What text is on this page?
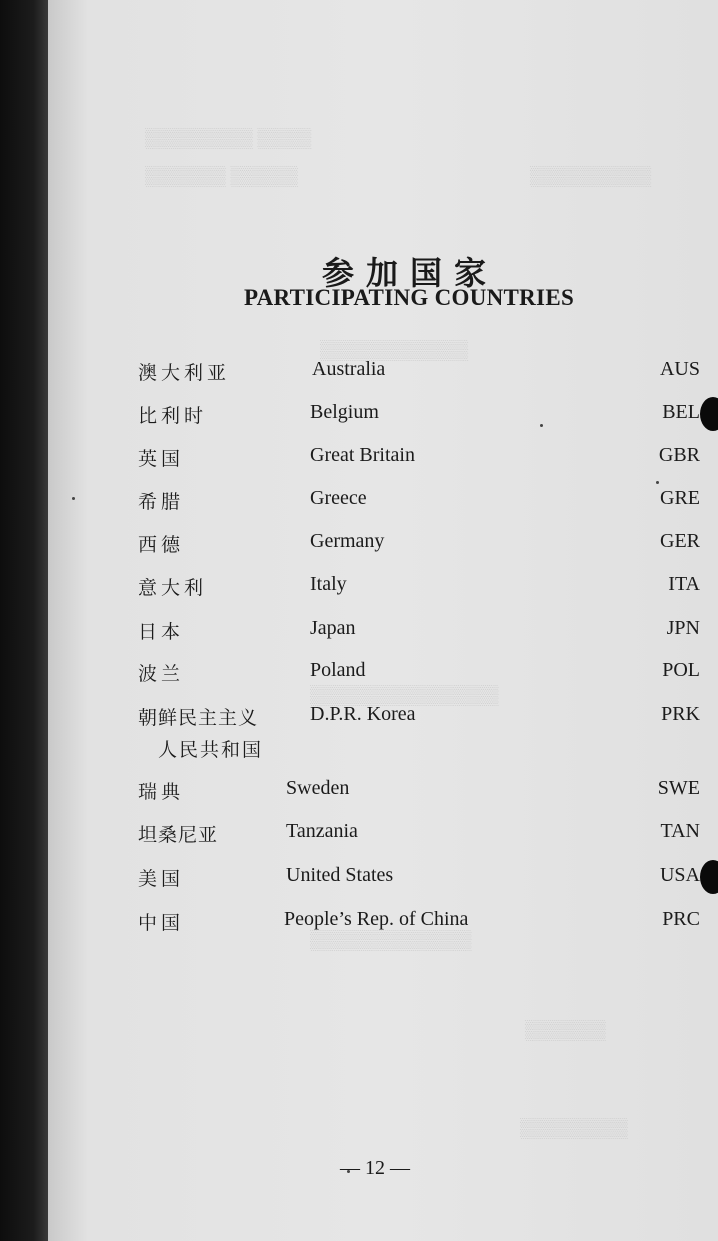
▒▒▒▒ ▒▒▒▒▒▒▒▒
▒▒▒▒▒ ▒▒▒▒▒▒	▒▒▒▒▒▒▒▒▒
▒▒▒▒▒▒▒▒▒▒▒
▒▒▒▒▒▒▒▒▒▒▒▒▒▒
▒▒▒▒▒▒▒▒▒▒▒▒
▒▒▒▒▒▒
▒▒▒▒▒▒▒▒
参加国家
PARTICIPATING COUNTRIES
澳大利亚	Australia	AUS
比利时	Belgium	BEL
英国	Great Britain	GBR
希腊	Greece	GRE
西德	Germany	GER
意大利	Italy	ITA
日本	Japan	JPN
波兰	Poland	POL
朝鲜民主主义
人民共和国
D.P.R. Korea	PRK
瑞典	Sweden	SWE
坦桑尼亚	Tanzania	TAN
美国	United States	USA
中国	People’s Rep. of China	PRC
— 12 —
